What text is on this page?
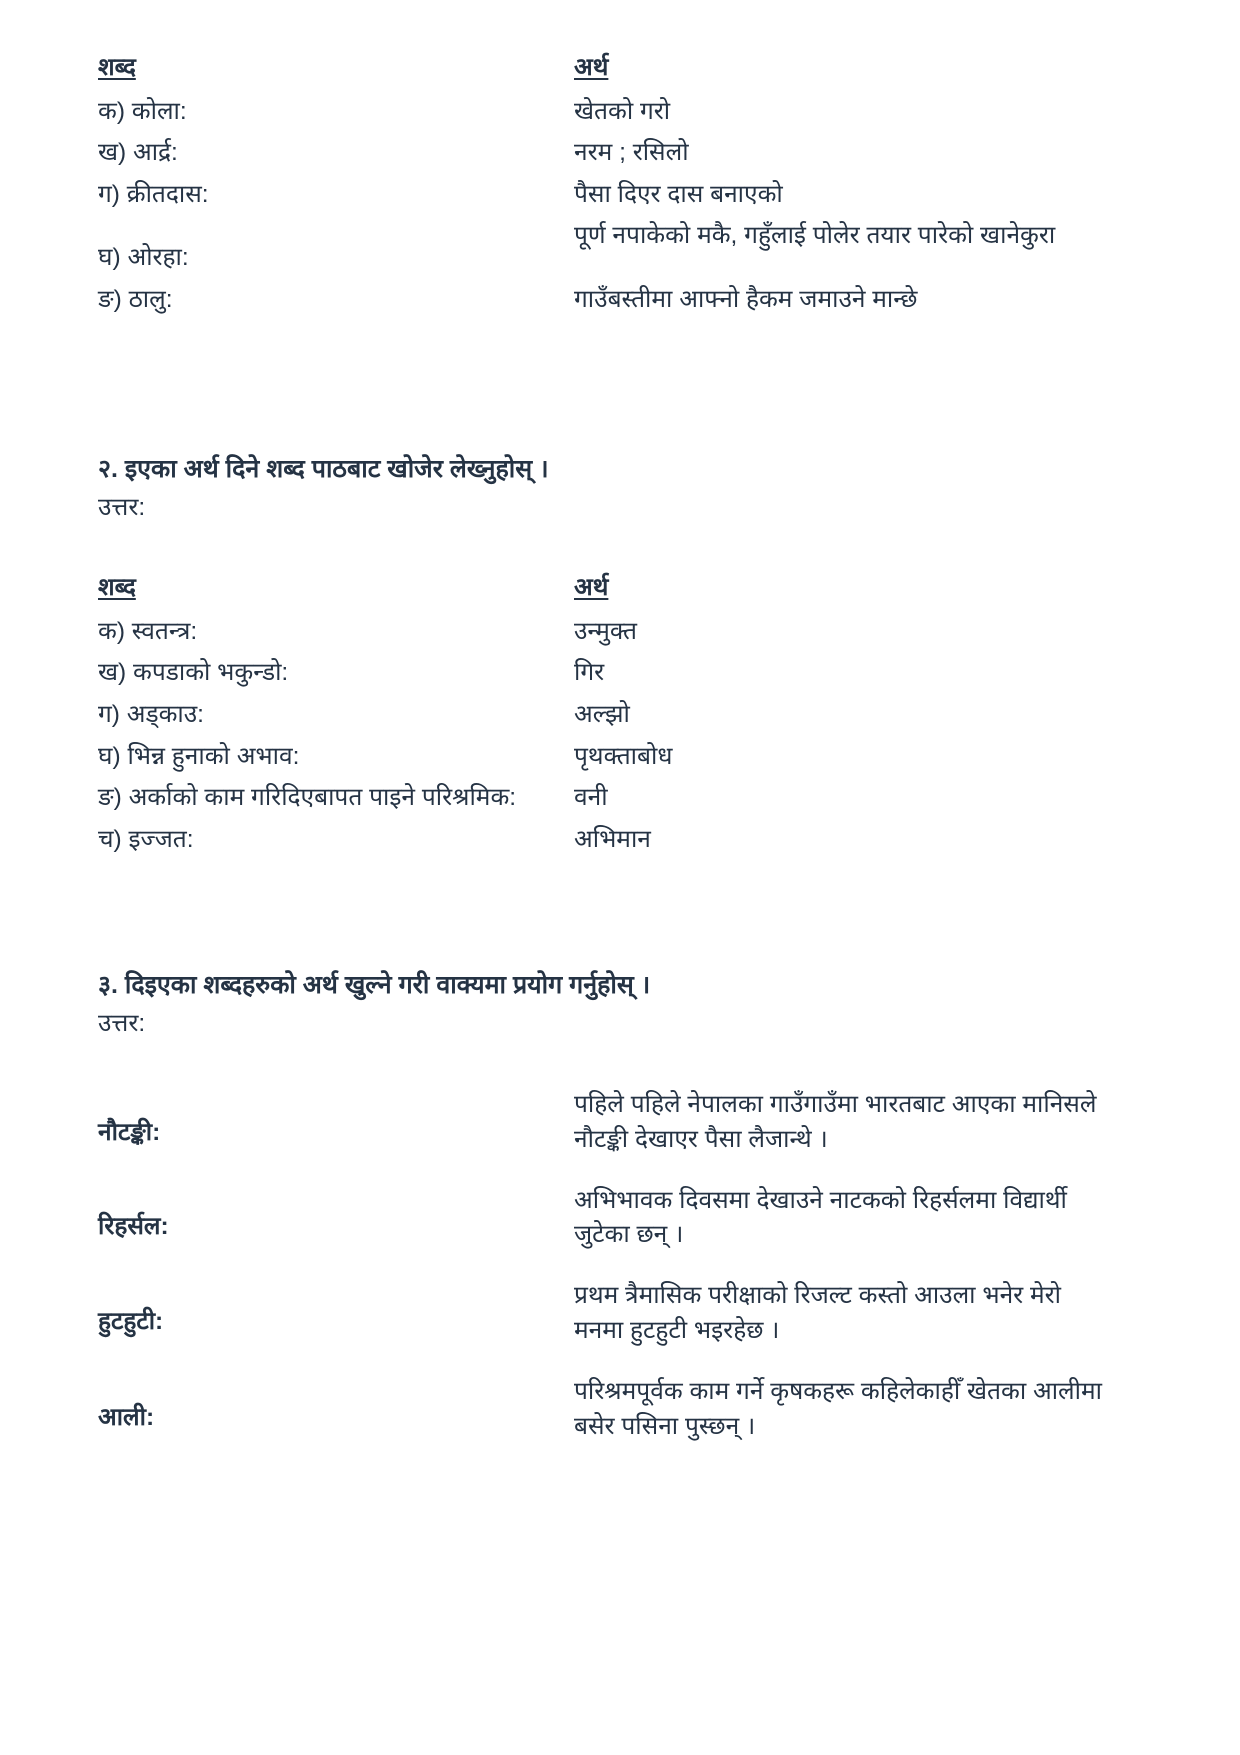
शब्द	अर्थ
क) कोला:	खेतको गरो
ख) आर्द्र:	नरम ; रसिलो
ग) क्रीतदास:	पैसा दिएर दास बनाएको
घ) ओरहा:	पूर्ण नपाकेको मकै, गहुँलाई पोलेर तयार पारेको खानेकुरा
ङ) ठालु:	गाउँबस्तीमा आफ्नो हैकम जमाउने मान्छे

२. इएका अर्थ दिने शब्द पाठबाट खोजेर लेख्नुहोस् ।

उत्तर:

शब्द	अर्थ
क) स्वतन्त्र:	उन्मुक्त
ख) कपडाको भकुन्डो:	गिर
ग) अड्काउ:	अल्झो
घ) भिन्न हुनाको अभाव:	पृथक्ताबोध
ङ) अर्काको काम गरिदिएबापत पाइने परिश्रमिक:	वनी
च) इज्जत:	अभिमान

३. दिइएका शब्दहरुको अर्थ खुल्ने गरी वाक्यमा प्रयोग गर्नुहोस् ।

उत्तर:

नौटङ्की:	पहिले पहिले नेपालका गाउँगाउँमा भारतबाट आएका मानिसले नौटङ्की देखाएर पैसा लैजान्थे ।
रिहर्सल:	अभिभावक दिवसमा देखाउने नाटकको रिहर्सलमा विद्यार्थी जुटेका छन् ।
हुटहुटी:	प्रथम त्रैमासिक परीक्षाको रिजल्ट कस्तो आउला भनेर मेरो मनमा हुटहुटी भइरहेछ ।
आली:	परिश्रमपूर्वक काम गर्ने कृषकहरू कहिलेकाहीँ खेतका आलीमा बसेर पसिना पुस्छन् ।
